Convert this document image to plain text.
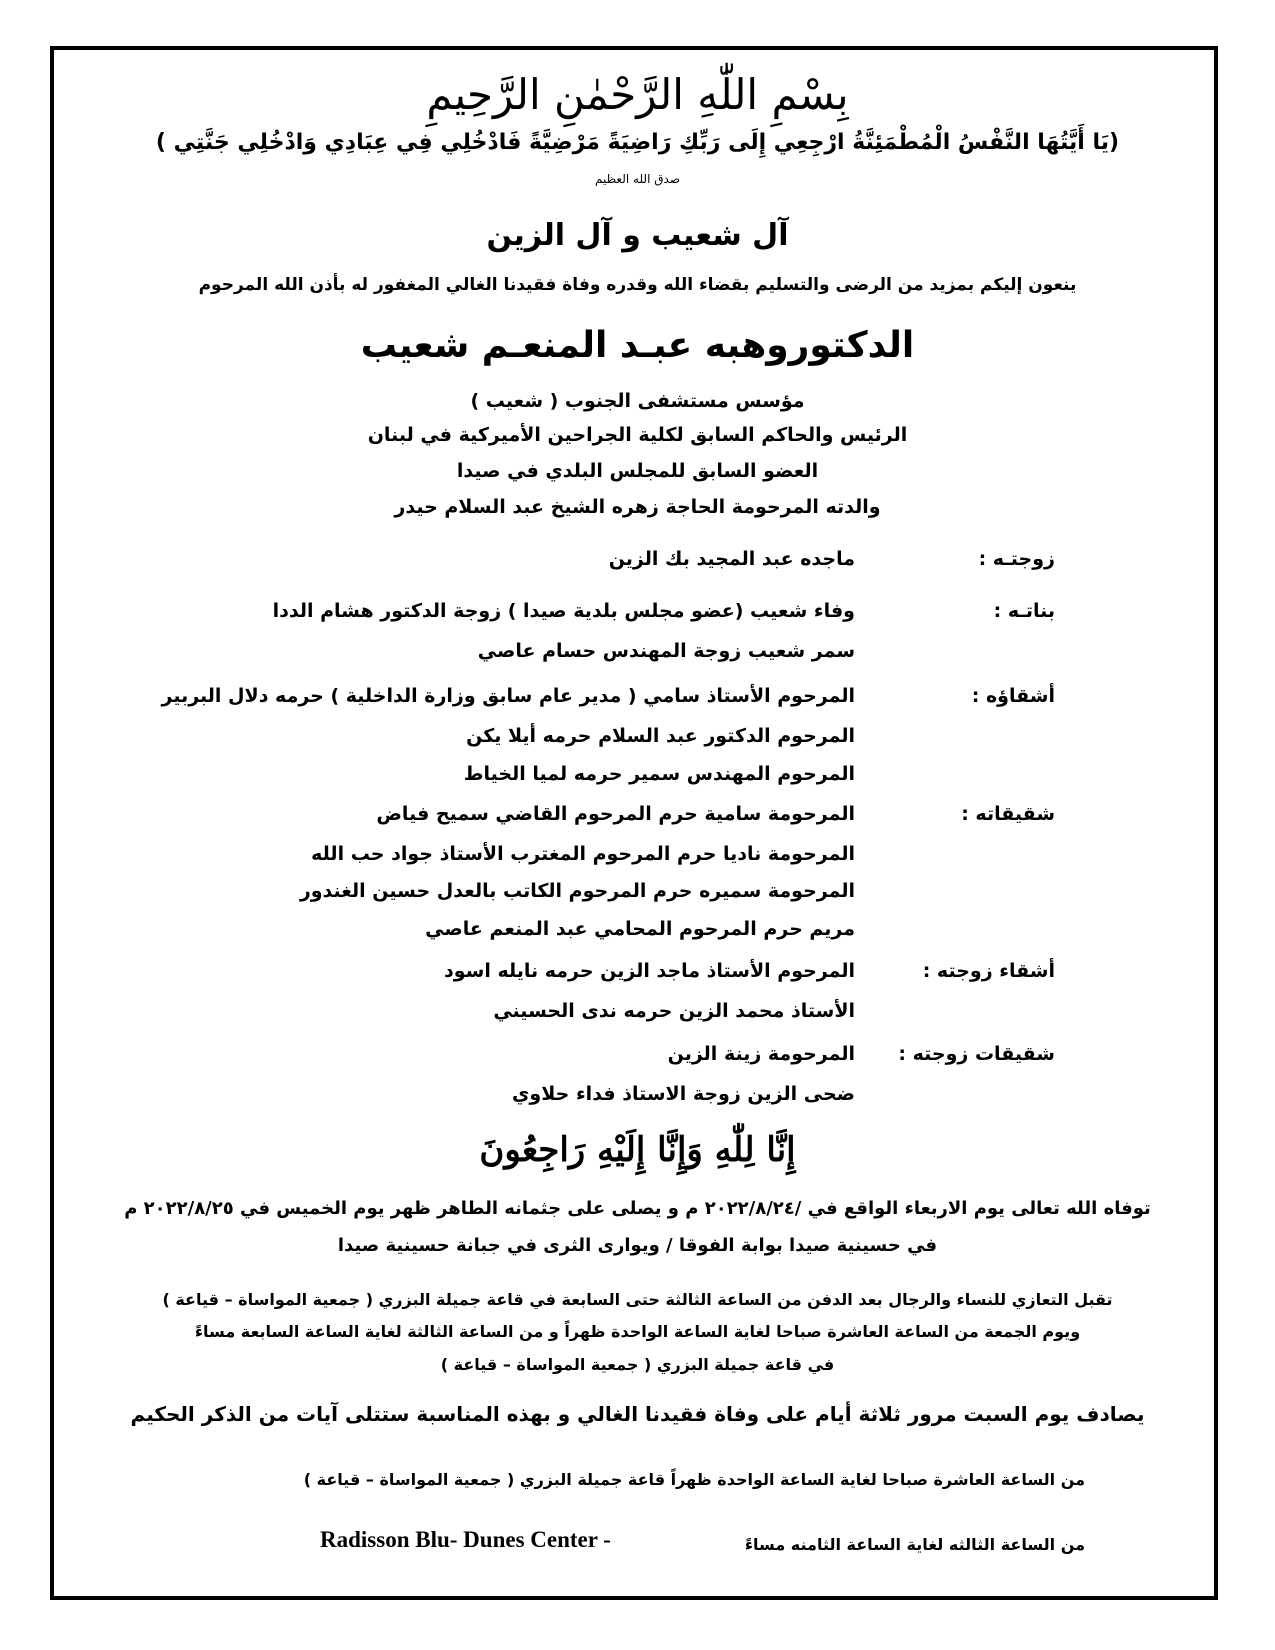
بِسْمِ اللّٰهِ الرَّحْمٰنِ الرَّحِيمِ
(يَا أَيَّتُهَا النَّفْسُ الْمُطْمَئِنَّةُ ارْجِعِي إِلَى رَبِّكِ رَاضِيَةً مَرْضِيَّةً فَادْخُلِي فِي عِبَادِي وَادْخُلِي جَنَّتِي )
صدق الله العظيم
آل شعيب و آل الزين
ينعون إليكم بمزيد من الرضى والتسليم بقضاء الله وقدره وفاة فقيدنا الغالي المغفور له بأذن الله المرحوم
الدكتوروهبه عبـد المنعـم شعيب
مؤسس مستشفى الجنوب ( شعيب )
الرئيس والحاكم السابق لكلية الجراحين الأميركية في لبنان
العضو السابق للمجلس البلدي في صيدا
والدته المرحومة الحاجة زهره الشيخ عبد السلام حيدر
زوجتـه :
ماجده عبد المجيد بك الزين
بناتـه :
وفاء شعيب (عضو مجلس بلدية صيدا ) زوجة الدكتور هشام الددا
سمر شعيب زوجة المهندس حسام عاصي
أشقاؤه :
المرحوم الأستاذ سامي ( مدير عام سابق وزارة الداخلية ) حرمه دلال البربير
المرحوم الدكتور عبد السلام حرمه أيلا يكن
المرحوم المهندس سمير حرمه لميا الخياط
شقيقاته :
المرحومة سامية حرم المرحوم القاضي سميح فياض
المرحومة ناديا حرم المرحوم المغترب الأستاذ جواد حب الله
المرحومة سميره حرم المرحوم الكاتب بالعدل حسين الغندور
مريم حرم المرحوم المحامي عبد المنعم عاصي
أشقاء زوجته :
المرحوم الأستاذ ماجد الزين حرمه نايله اسود
الأستاذ محمد الزين حرمه ندى الحسيني
شقيقات زوجته :
المرحومة زينة الزين
ضحى الزين زوجة الاستاذ فداء حلاوي
إِنَّا لِلّٰهِ وَإِنَّا إِلَيْهِ رَاجِعُونَ
توفاه الله تعالى يوم الاربعاء الواقع في /٢٠٢٢/٨/٢٤ م و يصلى على جثمانه الطاهر ظهر يوم الخميس في ٢٠٢٢/٨/٢٥ م
في حسينية صيدا بوابة الفوقا / ويوارى الثرى في جبانة حسينية صيدا
تقبل التعازي للنساء والرجال بعد الدفن من الساعة الثالثة حتى السابعة في قاعة جميلة البزري ( جمعية المواساة – قياعة )
ويوم الجمعة من الساعة العاشرة صباحا لغاية الساعة الواحدة ظهراً و من الساعة الثالثة لغاية الساعة السابعة مساءً
في قاعة جميلة البزري ( جمعية المواساة – قياعة )
يصادف يوم السبت مرور ثلاثة أيام على وفاة فقيدنا الغالي و بهذه المناسبة ستتلى آيات من الذكر الحكيم
من الساعة العاشرة صباحا لغاية الساعة الواحدة ظهراً قاعة جميلة البزري ( جمعية المواساة – قياعة )
من الساعة الثالثه لغاية الساعة الثامنه مساءً
Radisson Blu- Dunes Center -
